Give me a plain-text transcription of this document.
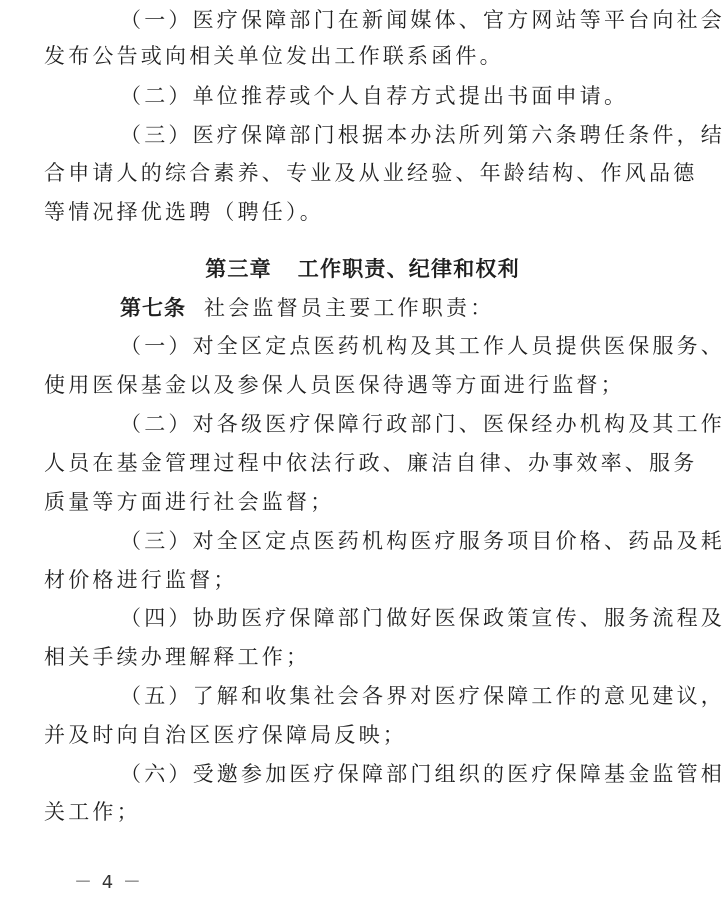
（一）医疗保障部门在新闻媒体、官方网站等平台向社会
发布公告或向相关单位发出工作联系函件。
（二）单位推荐或个人自荐方式提出书面申请。
（三）医疗保障部门根据本办法所列第六条聘任条件，结
合申请人的综合素养、专业及从业经验、年龄结构、作风品德
等情况择优选聘（聘任）。
第三章 工作职责、纪律和权利
第七条 社会监督员主要工作职责：
（一）对全区定点医药机构及其工作人员提供医保服务、
使用医保基金以及参保人员医保待遇等方面进行监督；
（二）对各级医疗保障行政部门、医保经办机构及其工作
人员在基金管理过程中依法行政、廉洁自律、办事效率、服务
质量等方面进行社会监督；
（三）对全区定点医药机构医疗服务项目价格、药品及耗
材价格进行监督；
（四）协助医疗保障部门做好医保政策宣传、服务流程及
相关手续办理解释工作；
（五）了解和收集社会各界对医疗保障工作的意见建议，
并及时向自治区医疗保障局反映；
（六）受邀参加医疗保障部门组织的医疗保障基金监管相
关工作；
－ 4 －
